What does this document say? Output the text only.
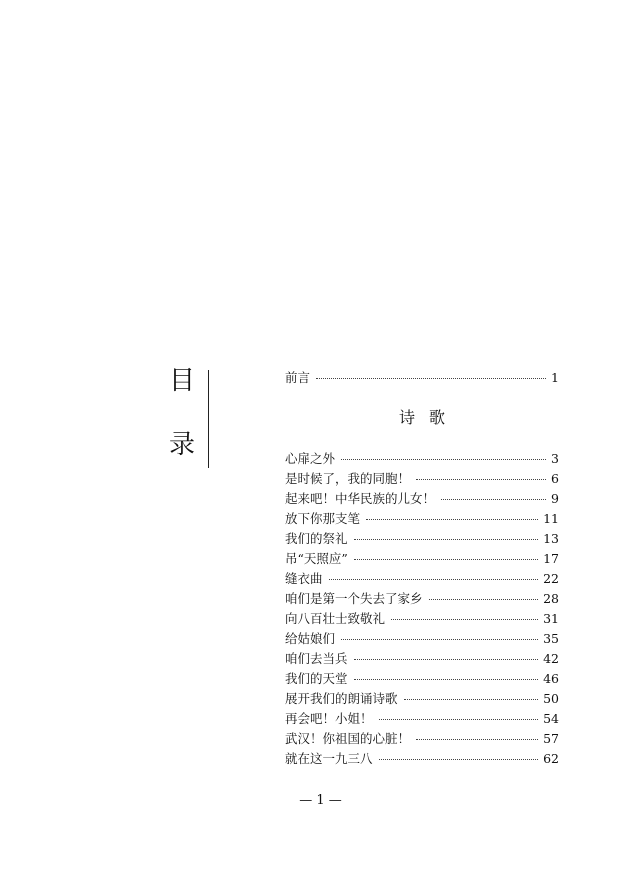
目
录
前言	1
诗歌
心扉之外	3
是时候了，我的同胞！	6
起来吧！中华民族的儿女！	9
放下你那支笔	11
我们的祭礼	13
吊“天照应”	17
缝衣曲	22
咱们是第一个失去了家乡	28
向八百壮士致敬礼	31
给姑娘们	35
咱们去当兵	42
我们的天堂	46
展开我们的朗诵诗歌	50
再会吧！小姐！	54
武汉！你祖国的心脏！	57
就在这一九三八	62
— 1 —
